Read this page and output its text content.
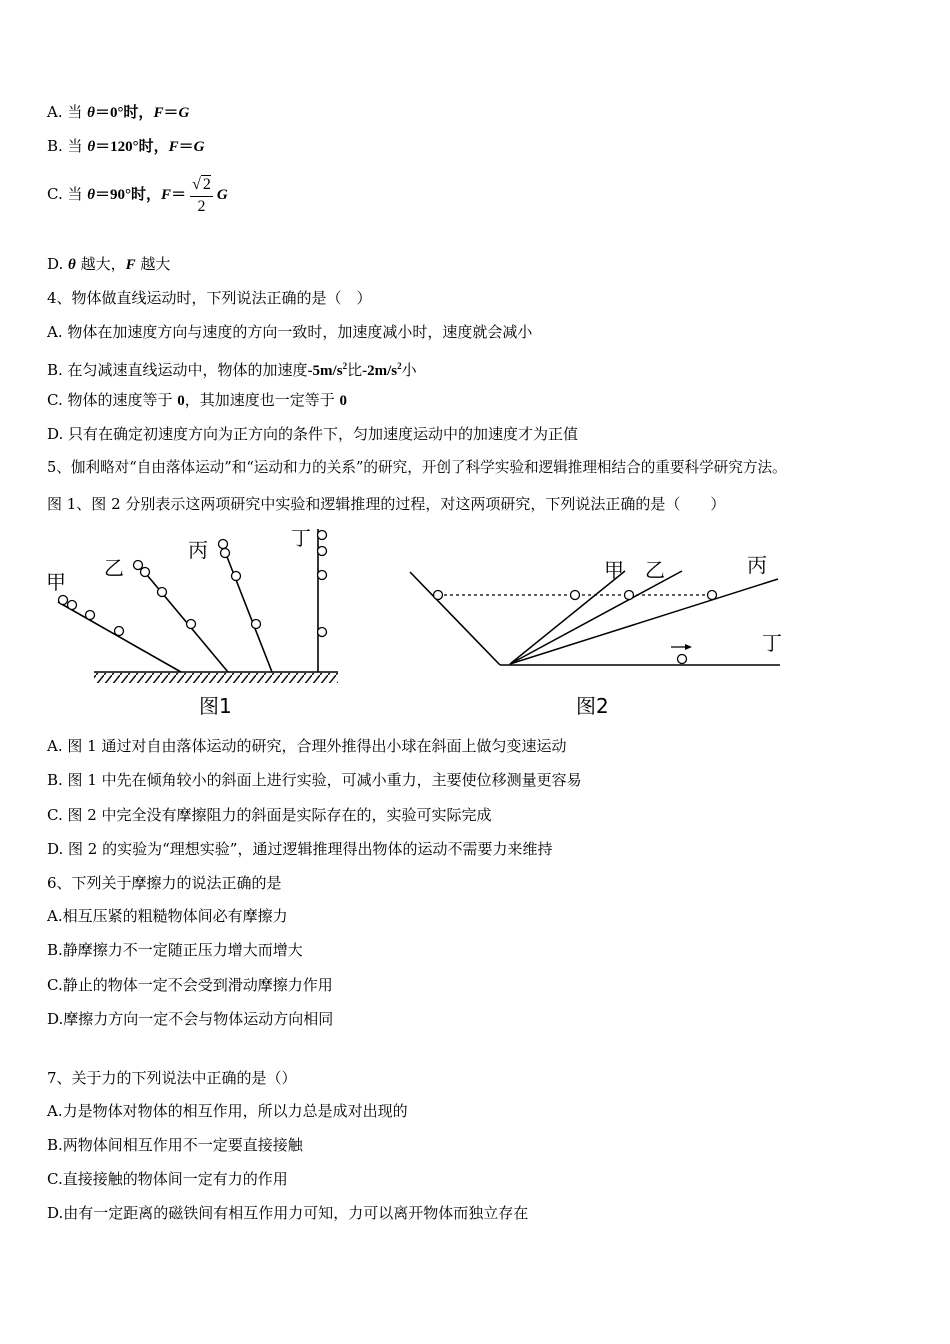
A. 当 θ＝0°时，F＝G
B. 当 θ＝120°时，F＝G
C. 当 θ＝90°时，$F= \frac{√ 2}{2}$ G
D. θ 越大，F 越大
4、物体做直线运动时，下列说法正确的是（　）
A. 物体在加速度方向与速度的方向一致时，加速度减小时，速度就会减小
B. 在匀减速直线运动中，物体的加速度$-5m/s^2$比$-2m/s^2$小
C. 物体的速度等于 0，其加速度也一定等于 0
D. 只有在确定初速度方向为正方向的条件下，匀加速度运动中的加速度才为正值
5、伽利略对“自由落体运动”和“运动和力的关系”的研究，开创了科学实验和逻辑推理相结合的重要科学研究方法。
图 1、图 2 分别表示这两项研究中实验和逻辑推理的过程，对这两项研究，下列说法正确的是（　　）
甲
乙
丙	丁
图1
甲 乙	丙
丁
图2
A. 图 1 通过对自由落体运动的研究，合理外推得出小球在斜面上做匀变速运动
B. 图 1 中先在倾角较小的斜面上进行实验，可减小重力，主要使位移测量更容易
C. 图 2 中完全没有摩擦阻力的斜面是实际存在的，实验可实际完成
D. 图 2 的实验为“理想实验”，通过逻辑推理得出物体的运动不需要力来维持
6、下列关于摩擦力的说法正确的是
A.相互压紧的粗糙物体间必有摩擦力
B.静摩擦力不一定随正压力增大而增大
C.静止的物体一定不会受到滑动摩擦力作用
D.摩擦力方向一定不会与物体运动方向相同
7、关于力的下列说法中正确的是（）
A.力是物体对物体的相互作用，所以力总是成对出现的
B.两物体间相互作用不一定要直接接触
C.直接接触的物体间一定有力的作用
D.由有一定距离的磁铁间有相互作用力可知，力可以离开物体而独立存在
